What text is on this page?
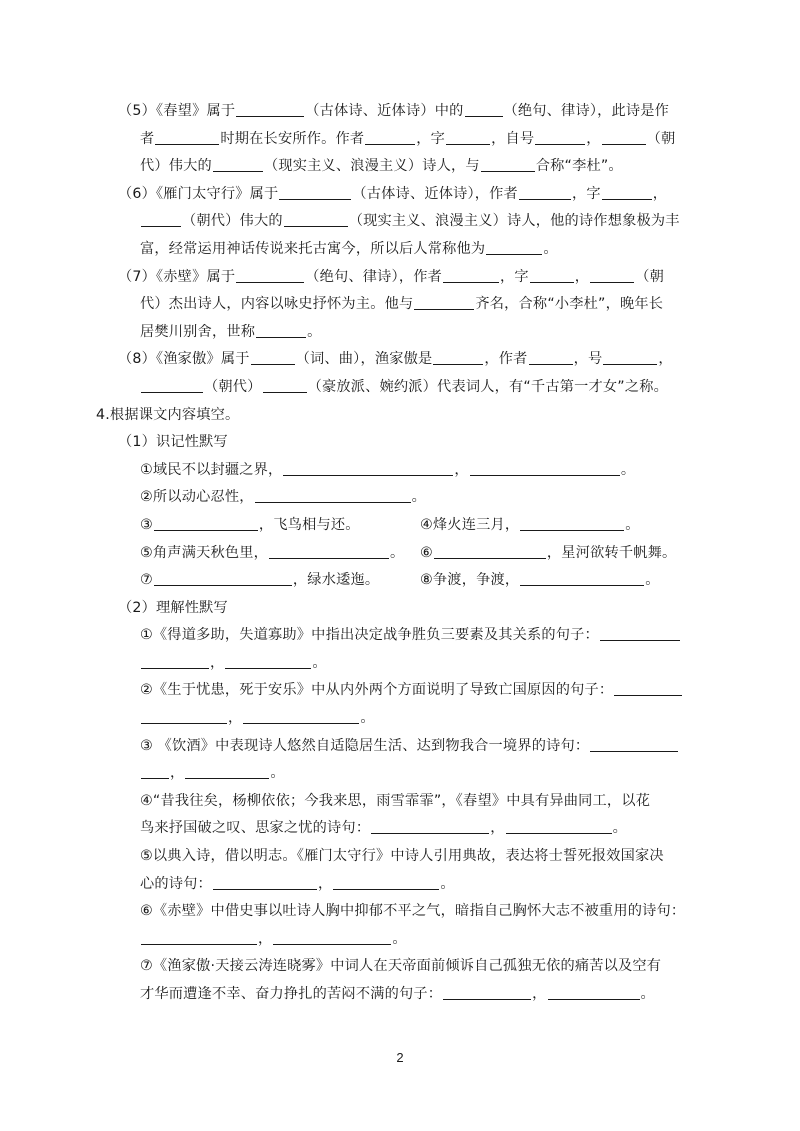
（5）《春望》属于	（古体诗、近体诗）中的	（绝句、律诗），此诗是作
者	时期在长安所作。作者	，字	，自号	，	（朝
代）伟大的	（现实主义、浪漫主义）诗人，与	合称“李杜”。
（6）《雁门太守行》属于	（古体诗、近体诗），作者	，字	，
（朝代）伟大的	（现实主义、浪漫主义）诗人，他的诗作想象极为丰
富，经常运用神话传说来托古寓今，所以后人常称他为	。
（7）《赤壁》属于	（绝句、律诗），作者	，字	，	（朝
代）杰出诗人，内容以咏史抒怀为主。他与	齐名，合称“小李杜”，晚年长
居樊川别舍，世称	。
（8）《渔家傲》属于	（词、曲），渔家傲是	，作者	，号	，
（朝代）	（豪放派、婉约派）代表词人，有“千古第一才女”之称。
4.根据课文内容填空。
（1）识记性默写
①域民不以封疆之界，	，	。
②所以动心忍性，	。
③	，飞鸟相与还。	④烽火连三月，	。
⑤角声满天秋色里，	。	⑥	，星河欲转千帆舞。
⑦	，绿水逶迤。	⑧争渡，争渡，	。
（2）理解性默写
①《得道多助，失道寡助》中指出决定战争胜负三要素及其关系的句子：
，	。
②《生于忧患，死于安乐》中从内外两个方面说明了导致亡国原因的句子：
，	。
③ 《饮酒》中表现诗人悠然自适隐居生活、达到物我合一境界的诗句：
，	。
④“昔我往矣，杨柳依依；今我来思，雨雪霏霏”，《春望》中具有异曲同工，以花
鸟来抒国破之叹、思家之忧的诗句：	，	。
⑤以典入诗，借以明志。《雁门太守行》中诗人引用典故，表达将士誓死报效国家决
心的诗句：	，	。
⑥《赤壁》中借史事以吐诗人胸中抑郁不平之气，暗指自己胸怀大志不被重用的诗句：
，	。
⑦《渔家傲·天接云涛连晓雾》中词人在天帝面前倾诉自己孤独无依的痛苦以及空有
才华而遭逢不幸、奋力挣扎的苦闷不满的句子：	，	。
2
